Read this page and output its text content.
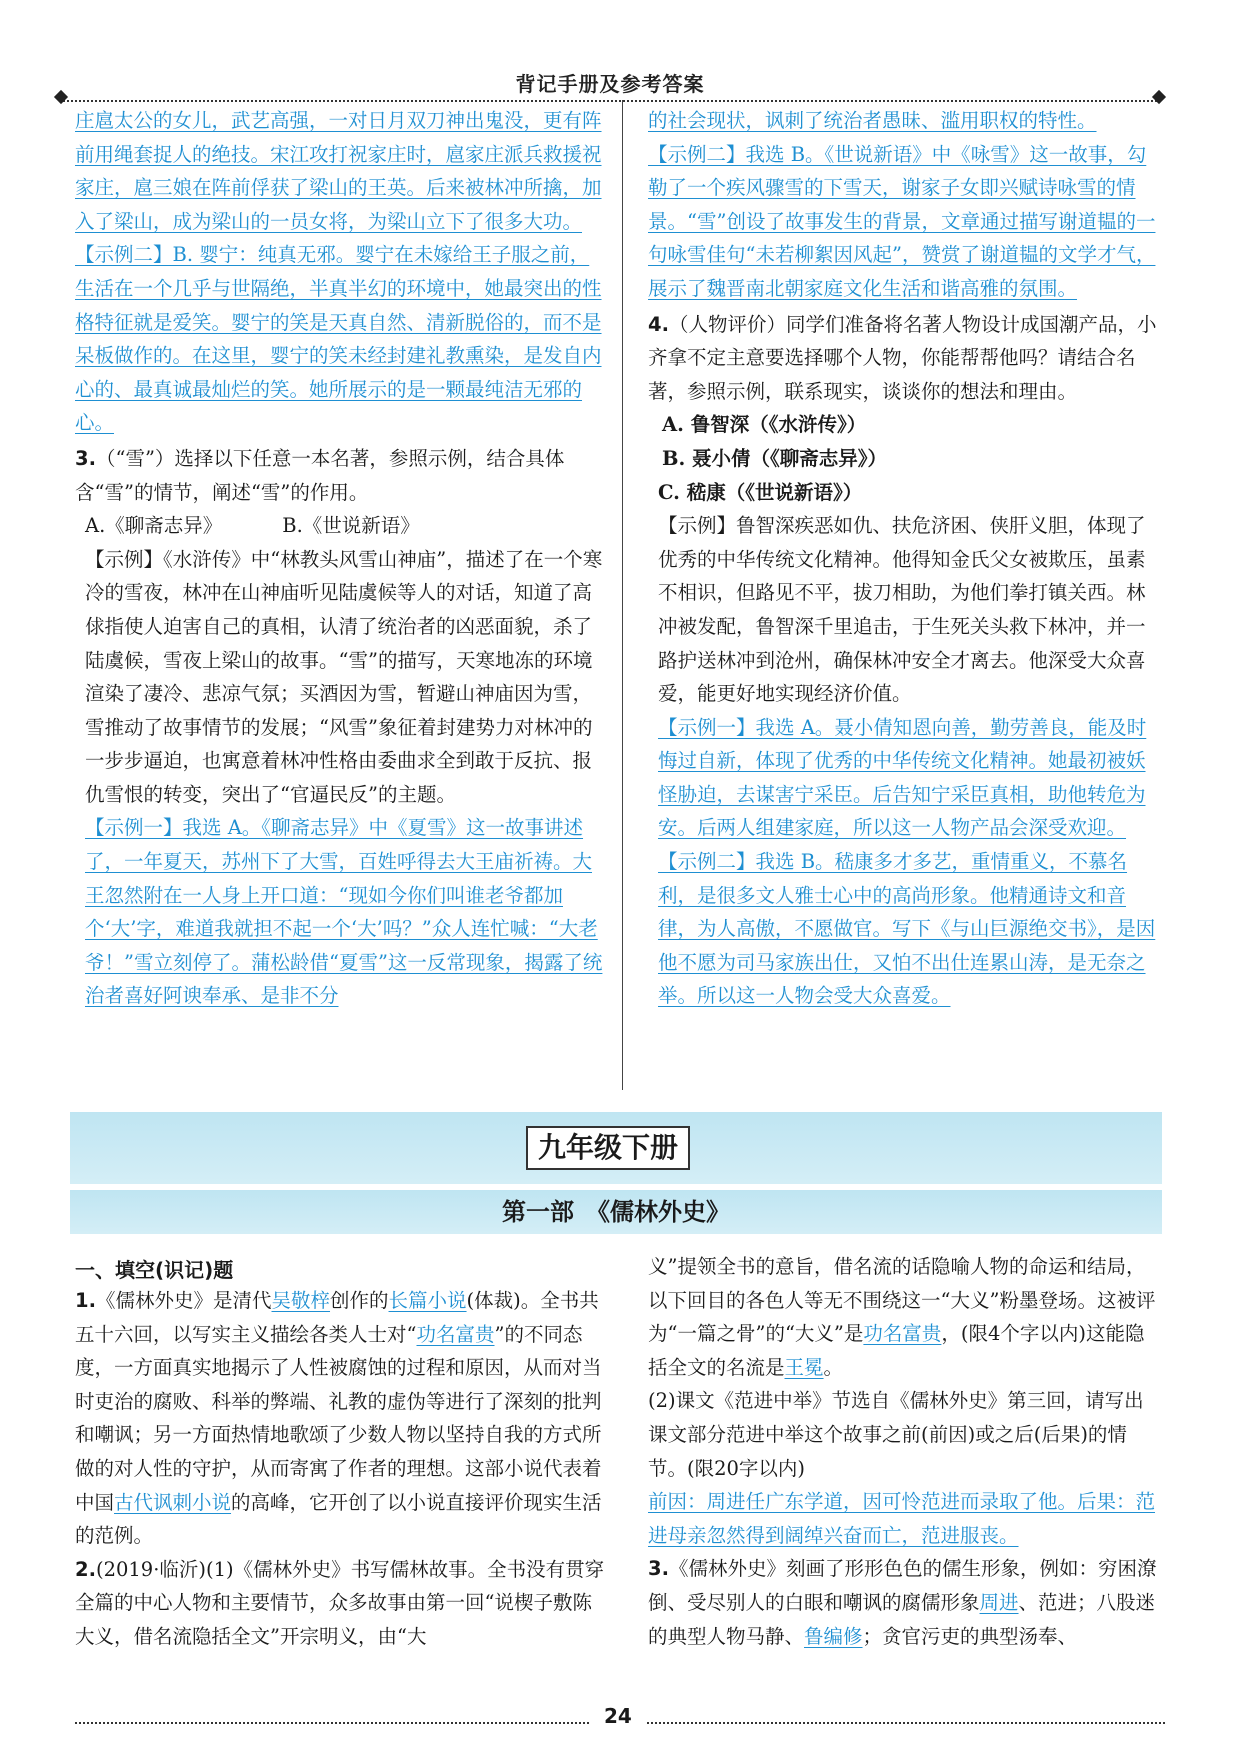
背记手册及参考答案

庄扈太公的女儿，武艺高强，一对日月双刀神出鬼没，更有阵前用绳套捉人的绝技。宋江攻打祝家庄时，扈家庄派兵救援祝家庄，扈三娘在阵前俘获了梁山的王英。后来被林冲所擒，加入了梁山，成为梁山的一员女将，为梁山立下了很多大功。

【示例二】B. 婴宁：纯真无邪。婴宁在未嫁给王子服之前，生活在一个几乎与世隔绝，半真半幻的环境中，她最突出的性格特征就是爱笑。婴宁的笑是天真自然、清新脱俗的，而不是呆板做作的。在这里，婴宁的笑未经封建礼教熏染，是发自内心的、最真诚最灿烂的笑。她所展示的是一颗最纯洁无邪的心。

3.（“雪”）选择以下任意一本名著，参照示例，结合具体含“雪”的情节，阐述“雪”的作用。

A.《聊斋志异》	B.《世说新语》

【示例】《水浒传》中“林教头风雪山神庙”，描述了在一个寒冷的雪夜，林冲在山神庙听见陆虞候等人的对话，知道了高俅指使人迫害自己的真相，认清了统治者的凶恶面貌，杀了陆虞候，雪夜上梁山的故事。“雪”的描写，天寒地冻的环境渲染了凄冷、悲凉气氛；买酒因为雪，暂避山神庙因为雪，雪推动了故事情节的发展；“风雪”象征着封建势力对林冲的一步步逼迫，也寓意着林冲性格由委曲求全到敢于反抗、报仇雪恨的转变，突出了“官逼民反”的主题。

【示例一】我选 A。《聊斋志异》中《夏雪》这一故事讲述了，一年夏天，苏州下了大雪，百姓呼得去大王庙祈祷。大王忽然附在一人身上开口道：“现如今你们叫谁老爷都加个‘大’字，难道我就担不起一个‘大’吗？”众人连忙喊：“大老爷！”雪立刻停了。蒲松龄借“夏雪”这一反常现象，揭露了统治者喜好阿谀奉承、是非不分

的社会现状，讽刺了统治者愚昧、滥用职权的特性。

【示例二】我选 B。《世说新语》中《咏雪》这一故事，勾勒了一个疾风骤雪的下雪天，谢家子女即兴赋诗咏雪的情景。“雪”创设了故事发生的背景，文章通过描写谢道韫的一句咏雪佳句“未若柳絮因风起”，赞赏了谢道韫的文学才气，展示了魏晋南北朝家庭文化生活和谐高雅的氛围。

4.（人物评价）同学们准备将名著人物设计成国潮产品，小齐拿不定主意要选择哪个人物，你能帮帮他吗？请结合名著，参照示例，联系现实，谈谈你的想法和理由。

A. 鲁智深（《水浒传》）B. 聂小倩（《聊斋志异》）

C. 嵇康（《世说新语》）

【示例】鲁智深疾恶如仇、扶危济困、侠肝义胆，体现了优秀的中华传统文化精神。他得知金氏父女被欺压，虽素不相识，但路见不平，拔刀相助，为他们拳打镇关西。林冲被发配，鲁智深千里追击，于生死关头救下林冲，并一路护送林冲到沧州，确保林冲安全才离去。他深受大众喜爱，能更好地实现经济价值。

【示例一】我选 A。聂小倩知恩向善，勤劳善良，能及时悔过自新，体现了优秀的中华传统文化精神。她最初被妖怪胁迫，去谋害宁采臣。后告知宁采臣真相，助他转危为安。后两人组建家庭，所以这一人物产品会深受欢迎。

【示例二】我选 B。嵇康多才多艺，重情重义，不慕名利，是很多文人雅士心中的高尚形象。他精通诗文和音律，为人高傲，不愿做官。写下《与山巨源绝交书》，是因他不愿为司马家族出仕，又怕不出仕连累山涛，是无奈之举。所以这一人物会受大众喜爱。

九年级下册
第一部　《儒林外史》
一、填空(识记)题

1.《儒林外史》是清代吴敬梓创作的长篇小说(体裁)。全书共五十六回，以写实主义描绘各类人士对“功名富贵”的不同态度，一方面真实地揭示了人性被腐蚀的过程和原因，从而对当时吏治的腐败、科举的弊端、礼教的虚伪等进行了深刻的批判和嘲讽；另一方面热情地歌颂了少数人物以坚持自我的方式所做的对人性的守护，从而寄寓了作者的理想。这部小说代表着中国古代讽刺小说的高峰，它开创了以小说直接评价现实生活的范例。

2.(2019·临沂)(1)《儒林外史》书写儒林故事。全书没有贯穿全篇的中心人物和主要情节，众多故事由第一回“说楔子敷陈大义，借名流隐括全文”开宗明义，由“大

义”提领全书的意旨，借名流的话隐喻人物的命运和结局，以下回目的各色人等无不围绕这一“大义”粉墨登场。这被评为“一篇之骨”的“大义”是功名富贵，(限4个字以内)这能隐括全文的名流是王冕。

(2)课文《范进中举》节选自《儒林外史》第三回，请写出课文部分范进中举这个故事之前(前因)或之后(后果)的情节。(限20字以内)

前因：周进任广东学道，因可怜范进而录取了他。后果：范进母亲忽然得到阔绰兴奋而亡，范进服丧。

3.《儒林外史》刻画了形形色色的儒生形象，例如：穷困潦倒、受尽别人的白眼和嘲讽的腐儒形象周进、范进；八股迷的典型人物马静、鲁编修；贪官污吏的典型汤奉、

24
